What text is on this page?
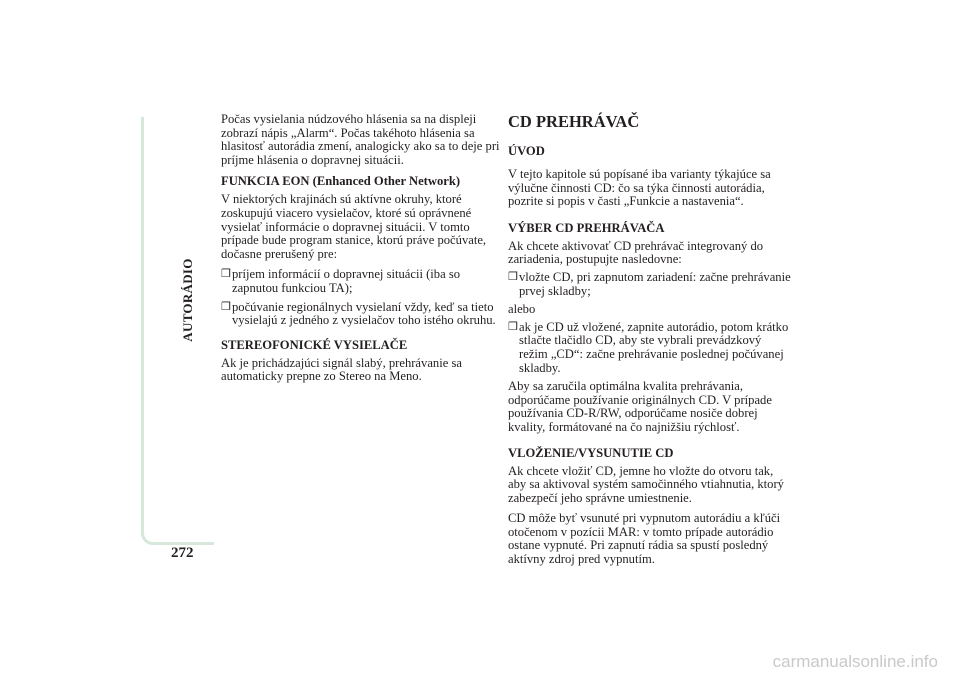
AUTORÁDIO
272

Počas vysielania núdzového hlásenia sa na displeji zobrazí nápis „Alarm“. Počas takéhoto hlásenia sa hlasitosť autorádia zmení, analogicky ako sa to deje pri príjme hlásenia o dopravnej situácii.

FUNKCIA EON (Enhanced Other Network)

V niektorých krajinách sú aktívne okruhy, ktoré zoskupujú viacero vysielačov, ktoré sú oprávnené vysielať informácie o dopravnej situácii. V tomto prípade bude program stanice, ktorú práve počúvate, dočasne prerušený pre:

❒ príjem informácií o dopravnej situácii (iba so zapnutou funkciou TA);
❒ počúvanie regionálnych vysielaní vždy, keď sa tieto vysielajú z jedného z vysielačov toho istého okruhu.
STEREOFONICKÉ VYSIELAČE

Ak je prichádzajúci signál slabý, prehrávanie sa automaticky prepne zo Stereo na Meno.

CD PREHRÁVAČ
ÚVOD

V tejto kapitole sú popísané iba varianty týkajúce sa výlučne činnosti CD: čo sa týka činnosti autorádia, pozrite si popis v časti „Funkcie a nastavenia“.

VÝBER CD PREHRÁVAČA

Ak chcete aktivovať CD prehrávač integrovaný do zariadenia, postupujte nasledovne:

❒ vložte CD, pri zapnutom zariadení: začne prehrávanie prvej skladby;

alebo

❒ ak je CD už vložené, zapnite autorádio, potom krátko stlačte tlačidlo CD, aby ste vybrali prevádzkový režim „CD“: začne prehrávanie poslednej počúvanej skladby.

Aby sa zaručila optimálna kvalita prehrávania, odporúčame používanie originálnych CD. V prípade používania CD-R/RW, odporúčame nosiče dobrej kvality, formátované na čo najnižšiu rýchlosť.

VLOŽENIE/VYSUNUTIE CD

Ak chcete vložiť CD, jemne ho vložte do otvoru tak, aby sa aktivoval systém samočinného vtiahnutia, ktorý zabezpečí jeho správne umiestnenie.

CD môže byť vsunuté pri vypnutom autorádiu a kľúči otočenom v pozícii MAR: v tomto prípade autorádio ostane vypnuté. Pri zapnutí rádia sa spustí posledný aktívny zdroj pred vypnutím.

carmanualsonline.info
